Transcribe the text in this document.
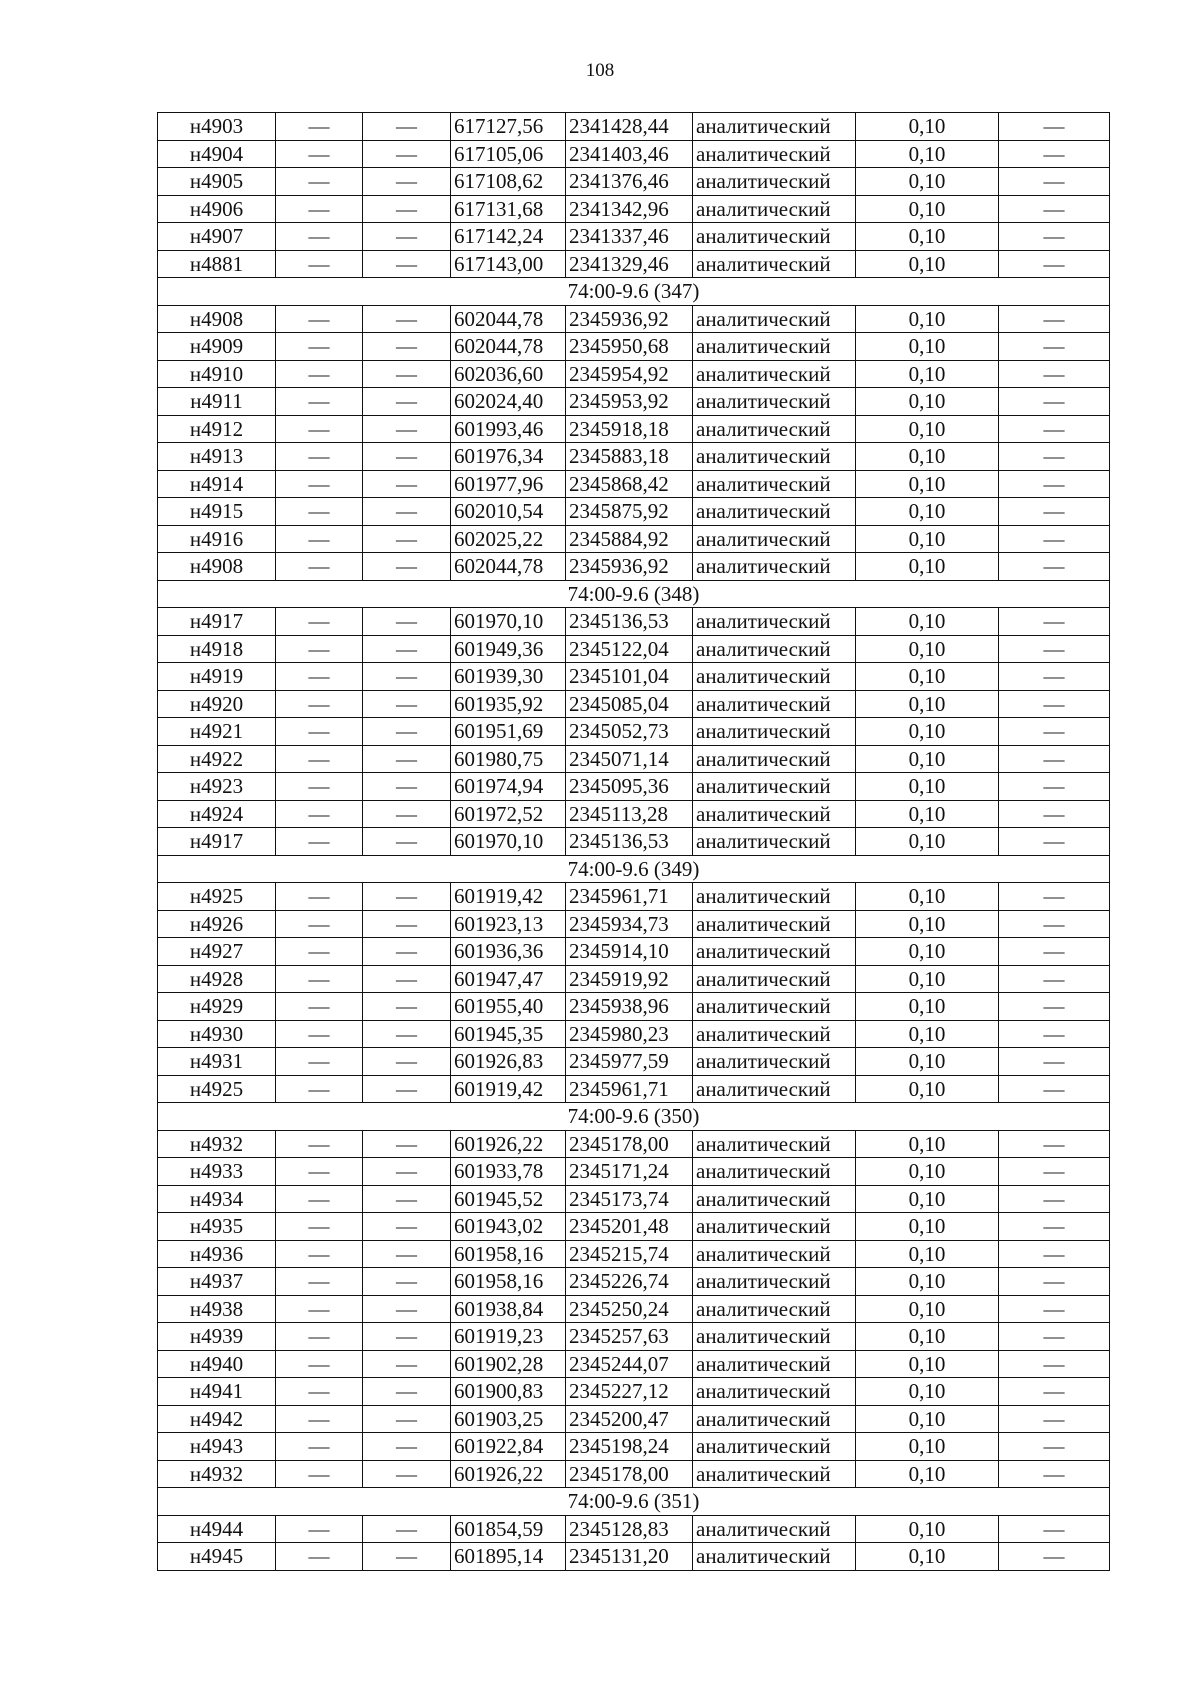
108
н4903	—	—	617127,56	2341428,44	аналитический	0,10	—
н4904	—	—	617105,06	2341403,46	аналитический	0,10	—
н4905	—	—	617108,62	2341376,46	аналитический	0,10	—
н4906	—	—	617131,68	2341342,96	аналитический	0,10	—
н4907	—	—	617142,24	2341337,46	аналитический	0,10	—
н4881	—	—	617143,00	2341329,46	аналитический	0,10	—
74:00-9.6 (347)							
н4908	—	—	602044,78	2345936,92	аналитический	0,10	—
н4909	—	—	602044,78	2345950,68	аналитический	0,10	—
н4910	—	—	602036,60	2345954,92	аналитический	0,10	—
н4911	—	—	602024,40	2345953,92	аналитический	0,10	—
н4912	—	—	601993,46	2345918,18	аналитический	0,10	—
н4913	—	—	601976,34	2345883,18	аналитический	0,10	—
н4914	—	—	601977,96	2345868,42	аналитический	0,10	—
н4915	—	—	602010,54	2345875,92	аналитический	0,10	—
н4916	—	—	602025,22	2345884,92	аналитический	0,10	—
н4908	—	—	602044,78	2345936,92	аналитический	0,10	—
74:00-9.6 (348)							
н4917	—	—	601970,10	2345136,53	аналитический	0,10	—
н4918	—	—	601949,36	2345122,04	аналитический	0,10	—
н4919	—	—	601939,30	2345101,04	аналитический	0,10	—
н4920	—	—	601935,92	2345085,04	аналитический	0,10	—
н4921	—	—	601951,69	2345052,73	аналитический	0,10	—
н4922	—	—	601980,75	2345071,14	аналитический	0,10	—
н4923	—	—	601974,94	2345095,36	аналитический	0,10	—
н4924	—	—	601972,52	2345113,28	аналитический	0,10	—
н4917	—	—	601970,10	2345136,53	аналитический	0,10	—
74:00-9.6 (349)							
н4925	—	—	601919,42	2345961,71	аналитический	0,10	—
н4926	—	—	601923,13	2345934,73	аналитический	0,10	—
н4927	—	—	601936,36	2345914,10	аналитический	0,10	—
н4928	—	—	601947,47	2345919,92	аналитический	0,10	—
н4929	—	—	601955,40	2345938,96	аналитический	0,10	—
н4930	—	—	601945,35	2345980,23	аналитический	0,10	—
н4931	—	—	601926,83	2345977,59	аналитический	0,10	—
н4925	—	—	601919,42	2345961,71	аналитический	0,10	—
74:00-9.6 (350)							
н4932	—	—	601926,22	2345178,00	аналитический	0,10	—
н4933	—	—	601933,78	2345171,24	аналитический	0,10	—
н4934	—	—	601945,52	2345173,74	аналитический	0,10	—
н4935	—	—	601943,02	2345201,48	аналитический	0,10	—
н4936	—	—	601958,16	2345215,74	аналитический	0,10	—
н4937	—	—	601958,16	2345226,74	аналитический	0,10	—
н4938	—	—	601938,84	2345250,24	аналитический	0,10	—
н4939	—	—	601919,23	2345257,63	аналитический	0,10	—
н4940	—	—	601902,28	2345244,07	аналитический	0,10	—
н4941	—	—	601900,83	2345227,12	аналитический	0,10	—
н4942	—	—	601903,25	2345200,47	аналитический	0,10	—
н4943	—	—	601922,84	2345198,24	аналитический	0,10	—
н4932	—	—	601926,22	2345178,00	аналитический	0,10	—
74:00-9.6 (351)							
н4944	—	—	601854,59	2345128,83	аналитический	0,10	—
н4945	—	—	601895,14	2345131,20	аналитический	0,10	—
